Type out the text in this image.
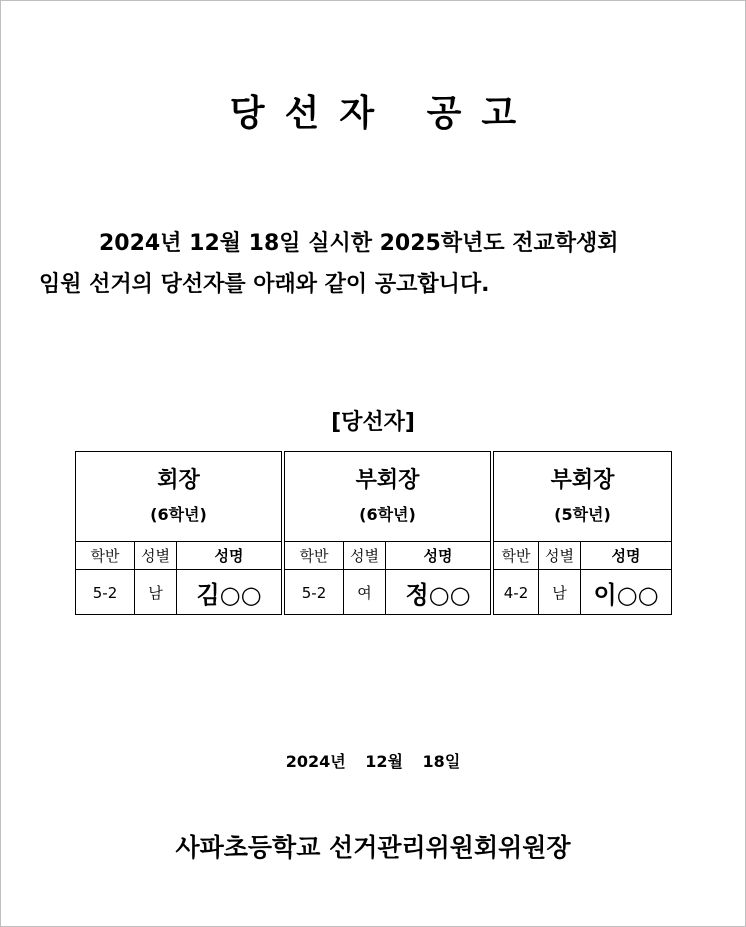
당선자 공고
2024년 12월 18일 실시한 2025학년도 전교학생회
임원 선거의 당선자를 아래와 같이 공고합니다.
[당선자]
회장
(6학년)
학반	성별	성명
5-2	남	김○○
부회장
(6학년)
학반	성별	성명
5-2	여	정○○
부회장
(5학년)
학반 성별	성명
4-2	남	이○○
2024년 12월 18일
사파초등학교 선거관리위원회위원장
